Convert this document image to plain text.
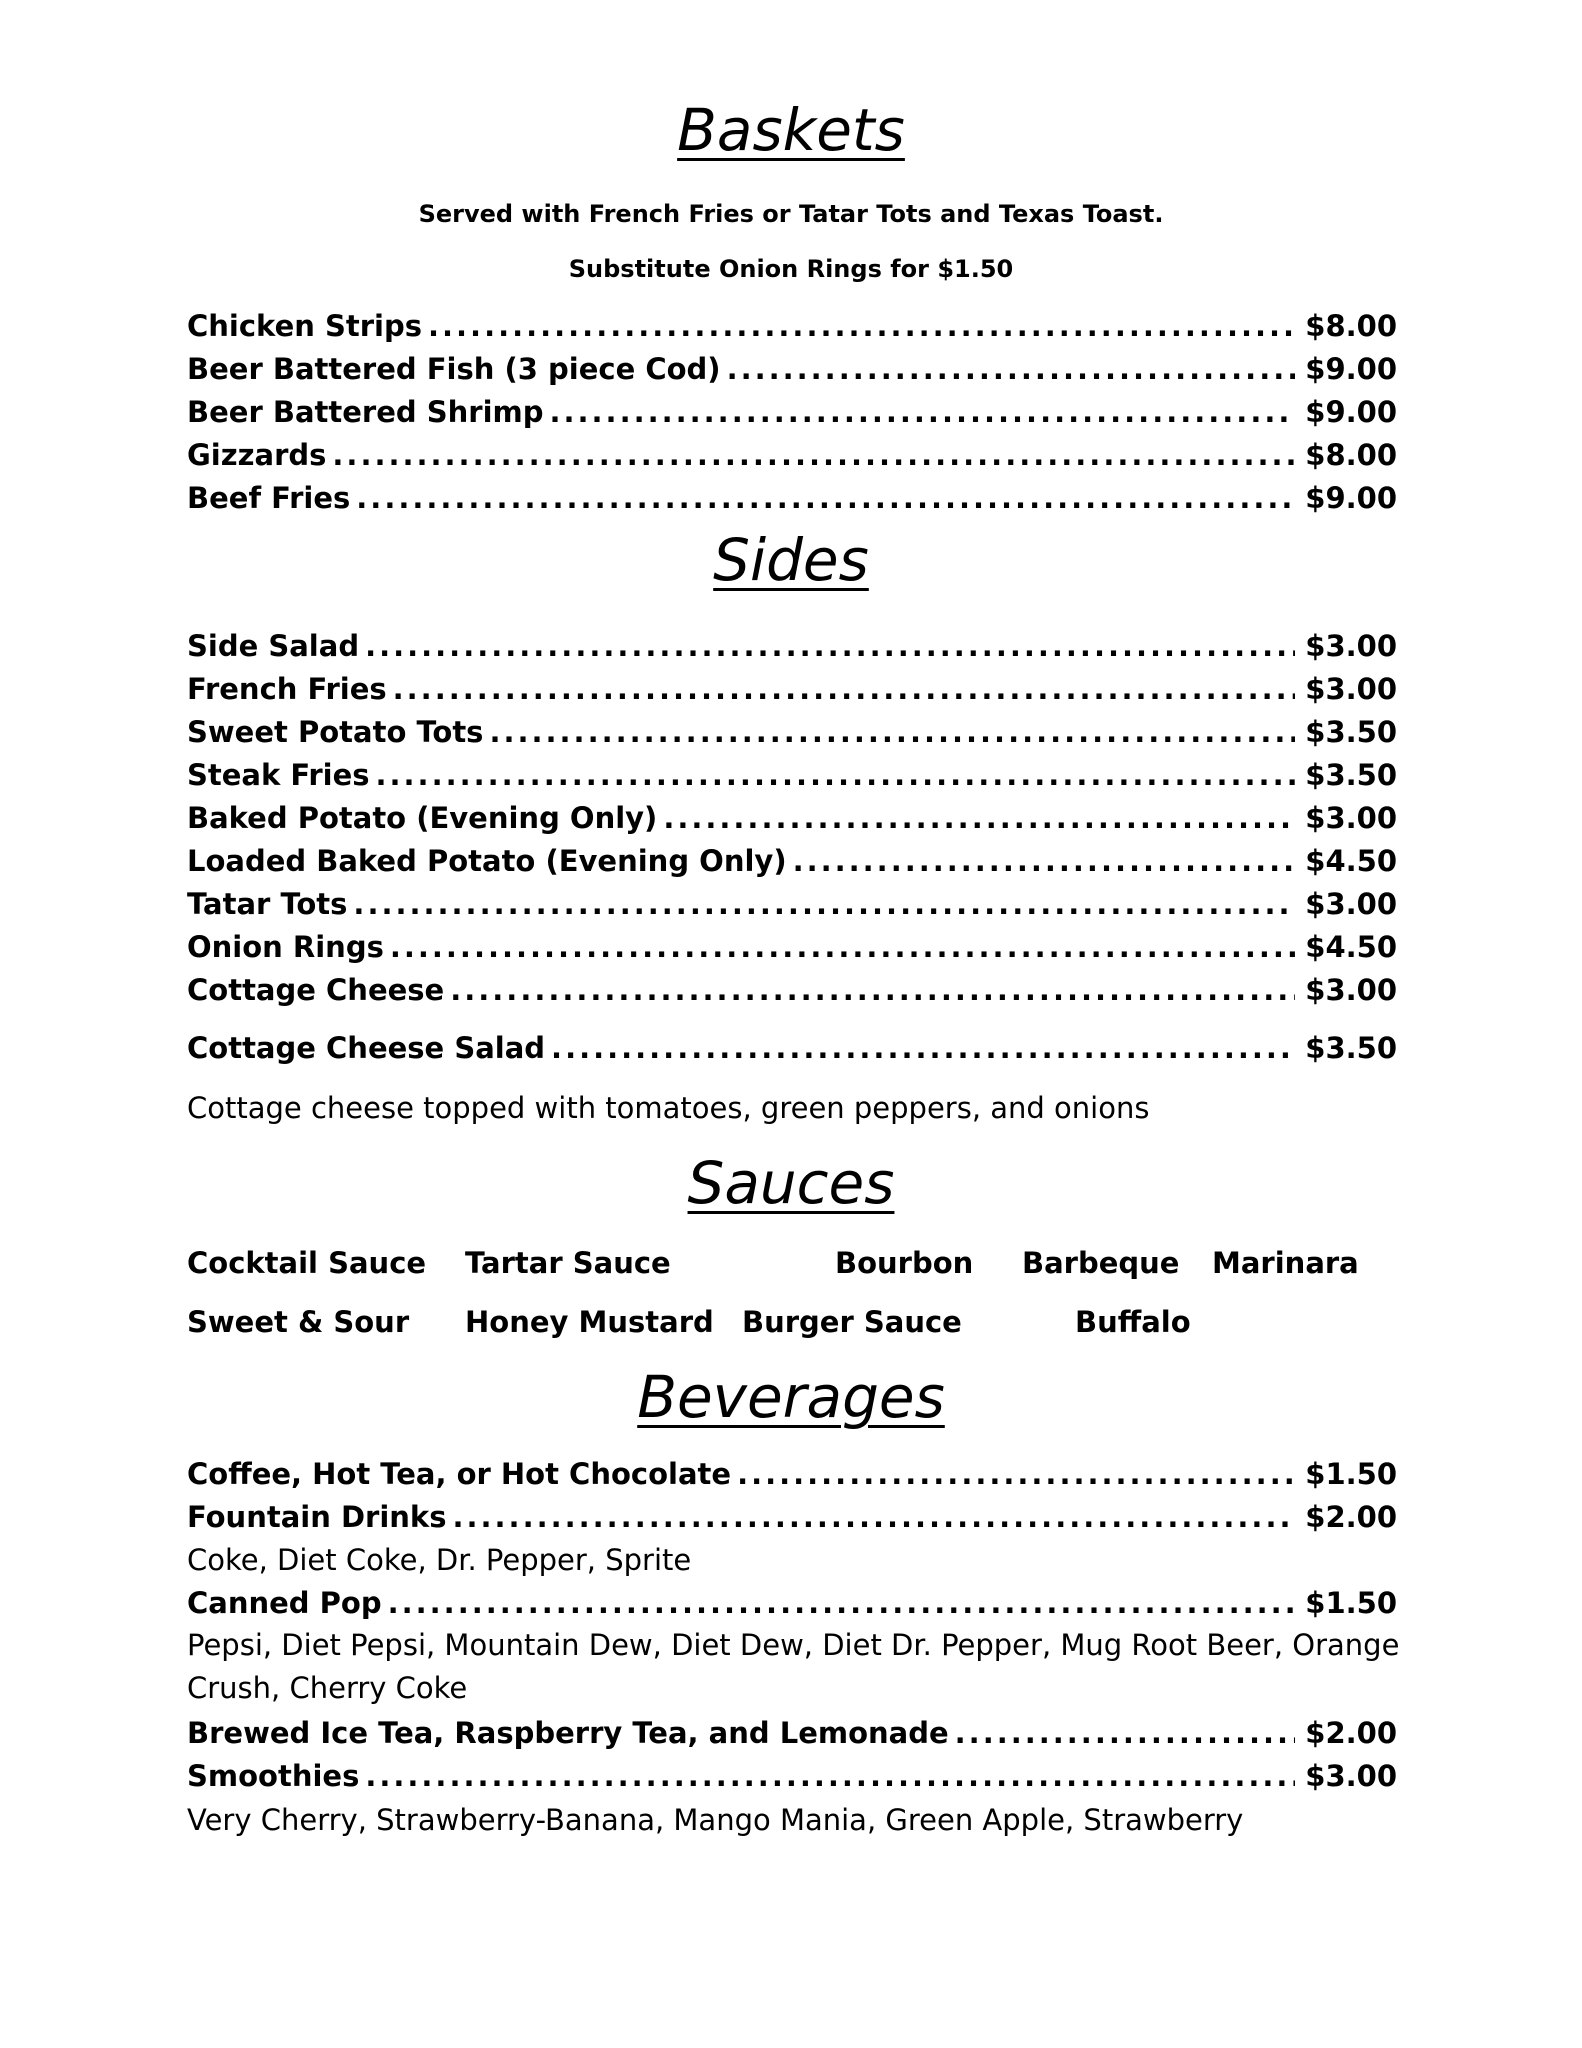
Baskets
Served with French Fries or Tatar Tots and Texas Toast.
Substitute Onion Rings for $1.50
Chicken Strips .....	$8.00
Beer Battered Fish (3 piece Cod) .....	$9.00
Beer Battered Shrimp .....	$9.00
Gizzards .....	$8.00
Beef Fries .....	$9.00
Sides
Side Salad .....	$3.00
French Fries .....	$3.00
Sweet Potato Tots .....	$3.50
Steak Fries .....	$3.50
Baked Potato (Evening Only) .....	$3.00
Loaded Baked Potato (Evening Only) .....	$4.50
Tatar Tots .....	$3.00
Onion Rings .....	$4.50
Cottage Cheese .....	$3.00
Cottage Cheese Salad .....	$3.50
Cottage cheese topped with tomatoes, green peppers, and onions
Sauces
Cocktail Sauce Tartar Sauce	Bourbon Barbeque Marinara
Sweet & Sour Honey Mustard Burger Sauce	Buffalo
Beverages
Coffee, Hot Tea, or Hot Chocolate .....	$1.50
Fountain Drinks .....	$2.00
Coke, Diet Coke, Dr. Pepper, Sprite
Canned Pop .....	$1.50
Pepsi, Diet Pepsi, Mountain Dew, Diet Dew, Diet Dr. Pepper, Mug Root Beer, Orange Crush, Cherry Coke
Brewed Ice Tea, Raspberry Tea, and Lemonade .....	$2.00
Smoothies .....	$3.00
Very Cherry, Strawberry-Banana, Mango Mania, Green Apple, Strawberry
